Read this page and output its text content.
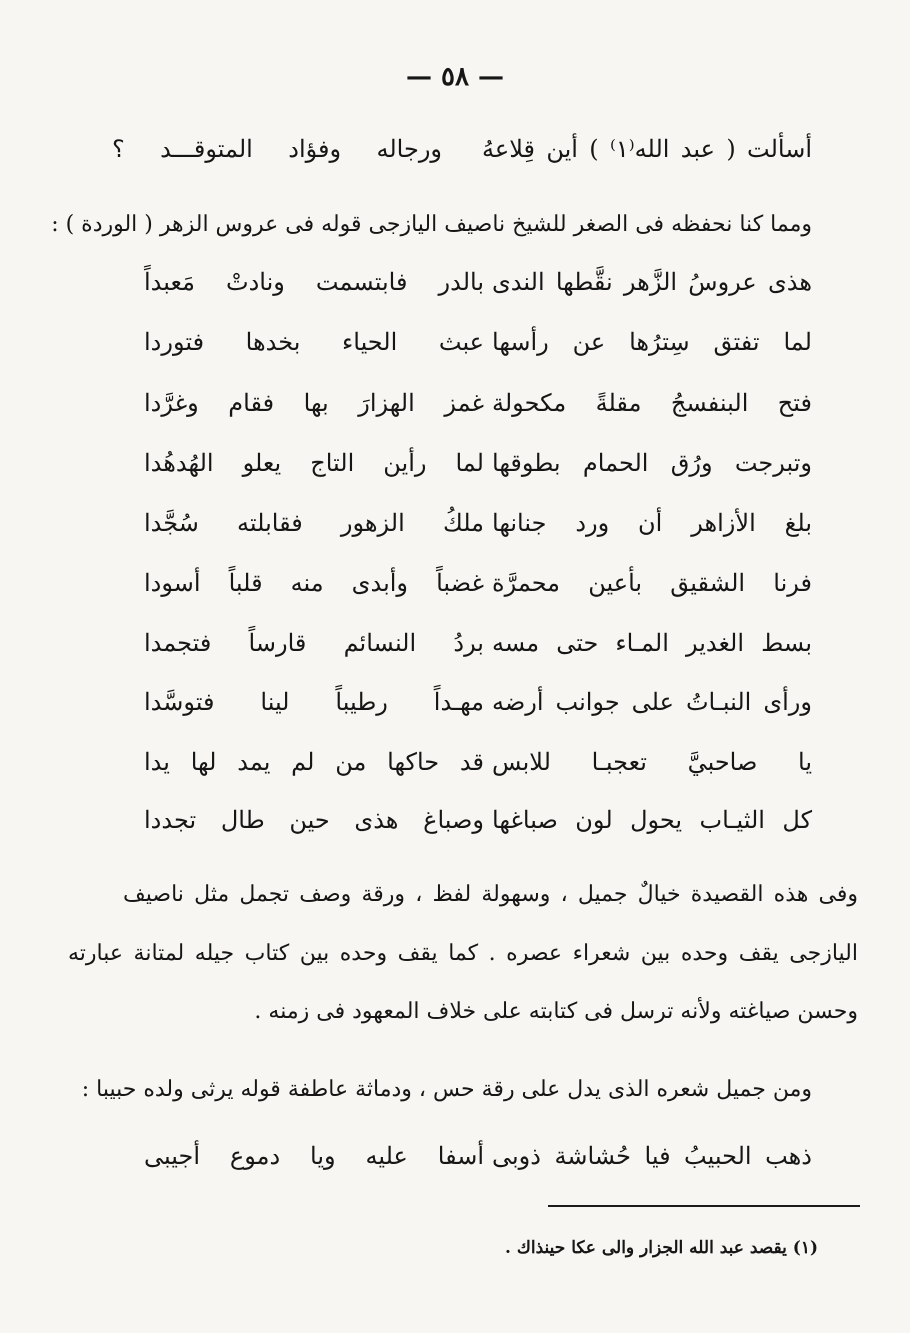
— ٥٨ —
أسألت ( عبد الله⁽١⁾ ) أين قِلاعهُ
ورجاله وفؤاد المتوقـــد ؟
ومما كنا نحفظه فى الصغر للشيخ ناصيف اليازجى قوله فى عروس الزهر ( الوردة ) :
هذى عروسُ الزَّهر نقَّطها الندى
بالدر فابتسمت ونادتْ مَعبداً
لما تفتق سِترُها عن رأسها
عبث الحياء بخدها فتوردا
فتح البنفسجُ مقلةً مكحولة
غمز الهزارَ بها فقام وغرَّدا
وتبرجت ورُق الحمام بطوقها
لما رأين التاج يعلو الهُدهُدا
بلغ الأزاهر أن ورد جنانها
ملكُ الزهور فقابلته سُجَّدا
فرنا الشقيق بأعين محمرَّة
غضباً وأبدى منه قلباً أسودا
بسط الغدير المـاء حتى مسه
بردُ النسائم قارساً فتجمدا
ورأى النبـاتُ على جوانب أرضه
مهـداً رطيباً لينا فتوسَّدا
يا صاحبيَّ تعجبـا للابس
قد حاكها من لم يمد لها يدا
كل الثيـاب يحول لون صباغها
وصباغ هذى حين طال تجددا
وفى هذه القصيدة خيالٌ جميل ، وسهولة لفظ ، ورقة وصف تجمل مثل ناصيف
اليازجى يقف وحده بين شعراء عصره . كما يقف وحده بين كتاب جيله لمتانة عبارته
وحسن صياغته ولأنه ترسل فى كتابته على خلاف المعهود فى زمنه .
ومن جميل شعره الذى يدل على رقة حس ، ودماثة عاطفة قوله يرثى ولده حبيبا :
ذهب الحبيبُ فيا حُشاشة ذوبى
أسفا عليه ويا دموع أجيبى
(١) يقصد عبد الله الجزار والى عكا حينذاك .
